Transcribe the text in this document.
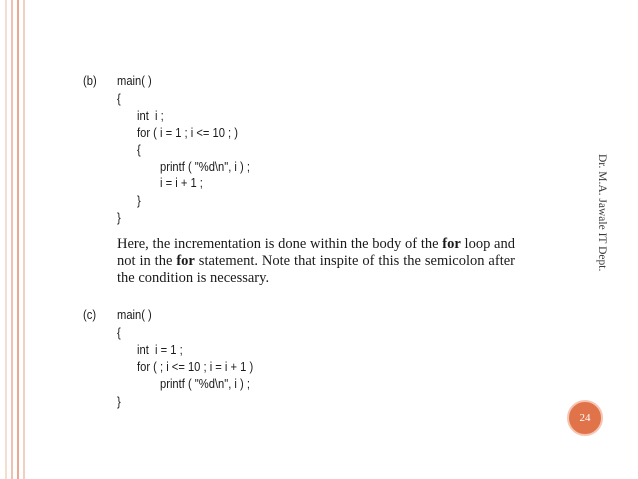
(b) main( )
{
int  i ;
for ( i = 1 ; i <= 10 ; )
{
printf ( "%d\n", i ) ;
i = i + 1 ;
}
}
Here, the incrementation is done within the body of the for loop and not in the for statement. Note that inspite of this the semicolon after the condition is necessary.
(c) main( )
{
int  i = 1 ;
for ( ; i <= 10 ; i = i + 1 )
printf ( "%d\n", i ) ;
}
Dr. M.A. Jawale IT Dept.
24
